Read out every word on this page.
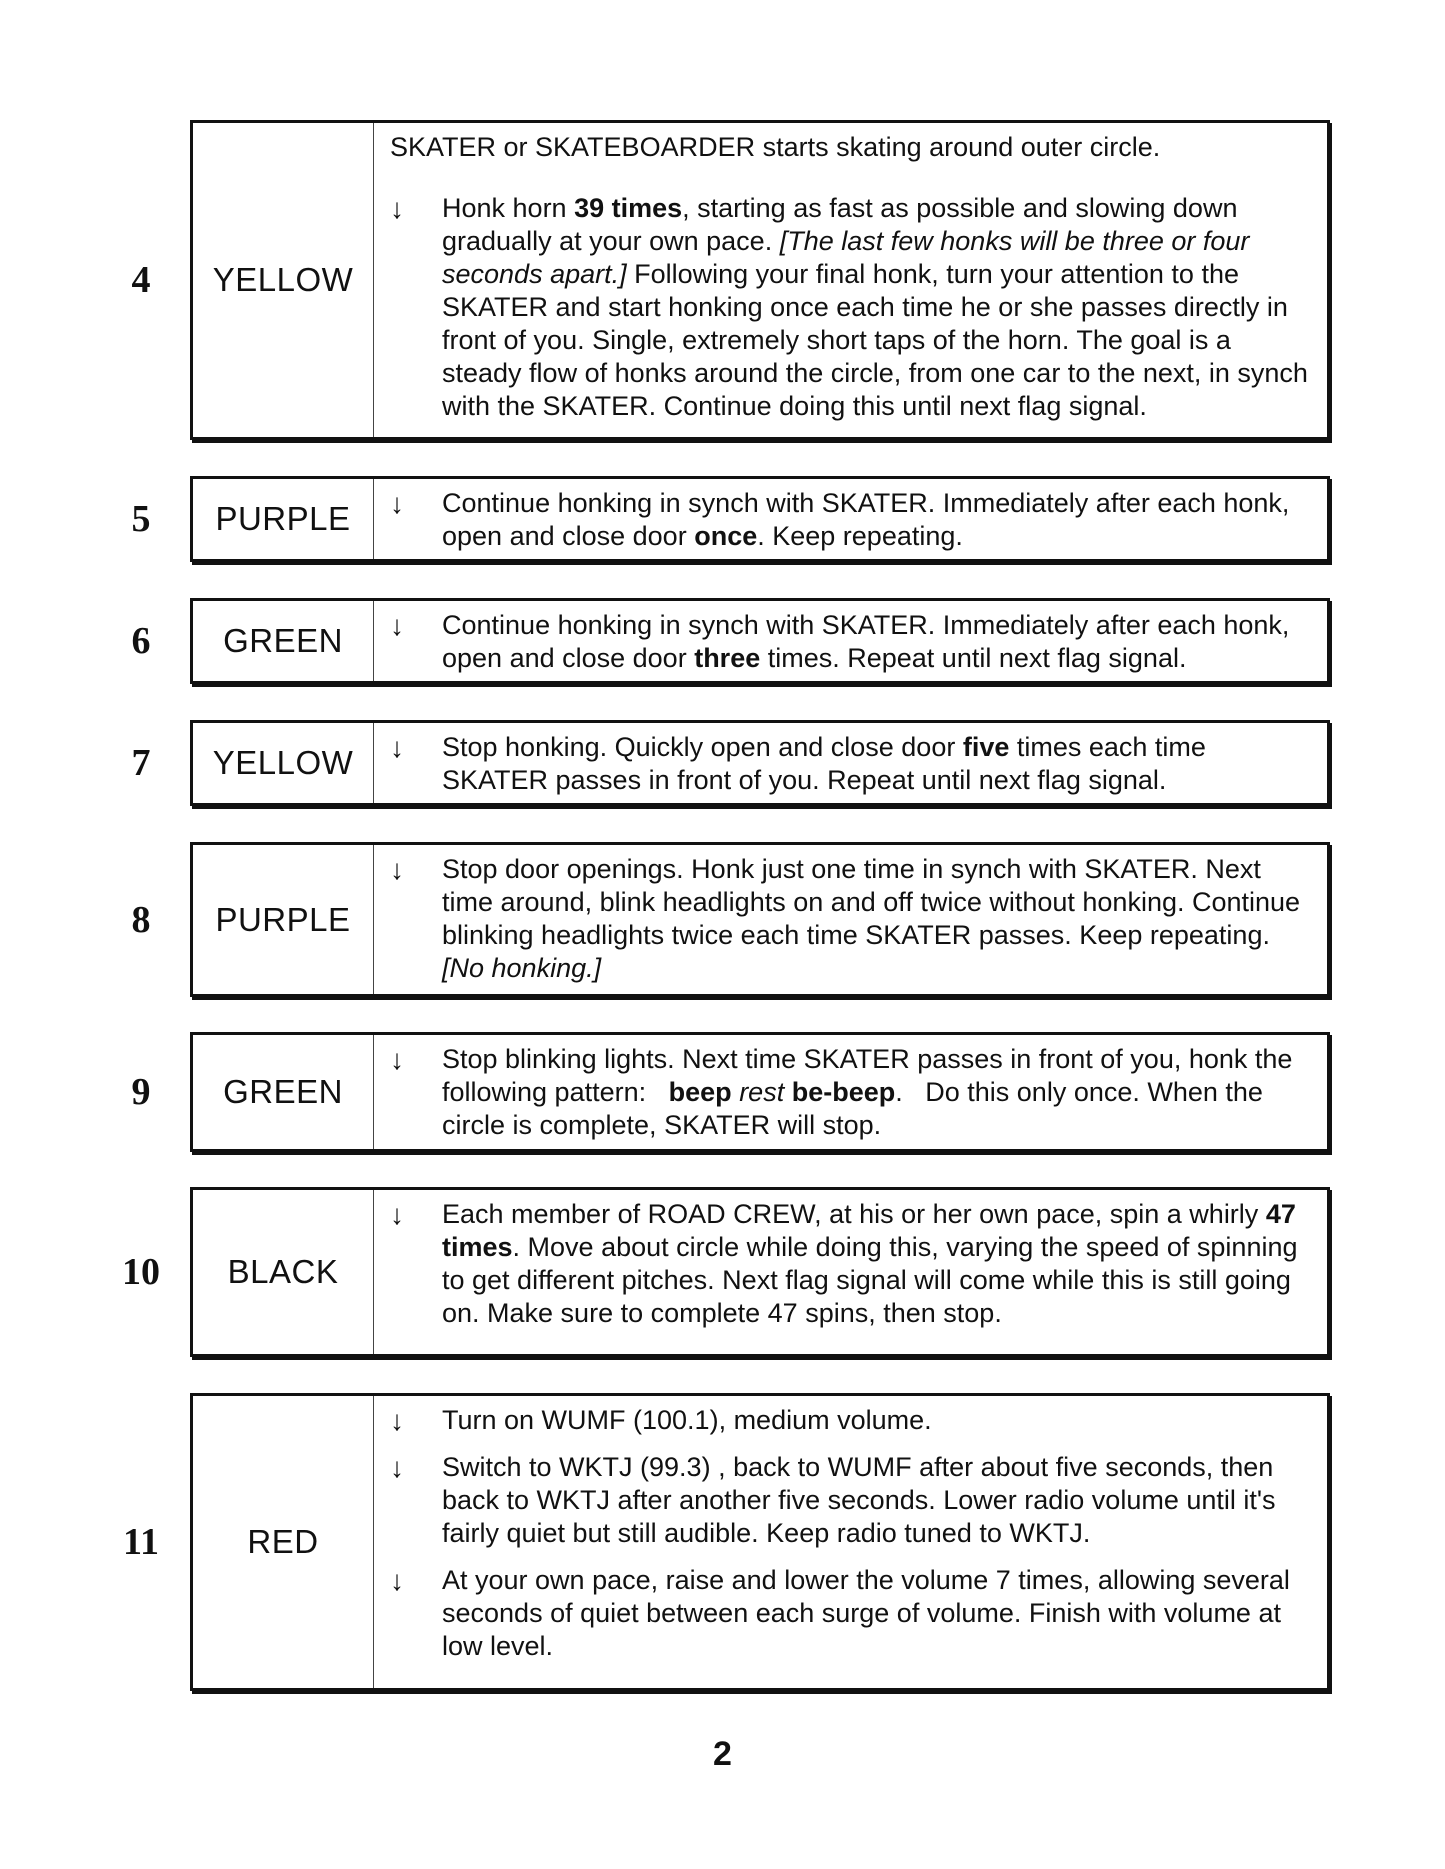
4	YELLOW
SKATER or SKATEBOARDER starts skating around outer circle.
↓	Honk horn 39 times, starting as fast as possible and slowing down gradually at your own pace. [The last few honks will be three or four seconds apart.] Following your final honk, turn your attention to the SKATER and start honking once each time he or she passes directly in front of you. Single, extremely short taps of the horn. The goal is a steady flow of honks around the circle, from one car to the next, in synch with the SKATER. Continue doing this until next flag signal.
5	PURPLE	↓	Continue honking in synch with SKATER. Immediately after each honk, open and close door once. Keep repeating.
6	GREEN	↓	Continue honking in synch with SKATER. Immediately after each honk, open and close door three times. Repeat until next flag signal.
7	YELLOW	↓	Stop honking. Quickly open and close door five times each time SKATER passes in front of you. Repeat until next flag signal.
8	PURPLE
↓	Stop door openings. Honk just one time in synch with SKATER. Next time around, blink headlights on and off twice without honking. Continue blinking headlights twice each time SKATER passes. Keep repeating. [No honking.]
9	GREEN
↓	Stop blinking lights. Next time SKATER passes in front of you, honk the following pattern:   beep rest be-beep.   Do this only once. When the circle is complete, SKATER will stop.
10	BLACK
↓	Each member of ROAD CREW, at his or her own pace, spin a whirly 47 times. Move about circle while doing this, varying the speed of spinning to get different pitches. Next flag signal will come while this is still going on. Make sure to complete 47 spins, then stop.
11	RED
↓	Turn on WUMF (100.1), medium volume.
↓	Switch to WKTJ (99.3) , back to WUMF after about five seconds, then back to WKTJ after another five seconds. Lower radio volume until it's fairly quiet but still audible. Keep radio tuned to WKTJ.
↓	At your own pace, raise and lower the volume 7 times, allowing several seconds of quiet between each surge of volume. Finish with volume at low level.
2
